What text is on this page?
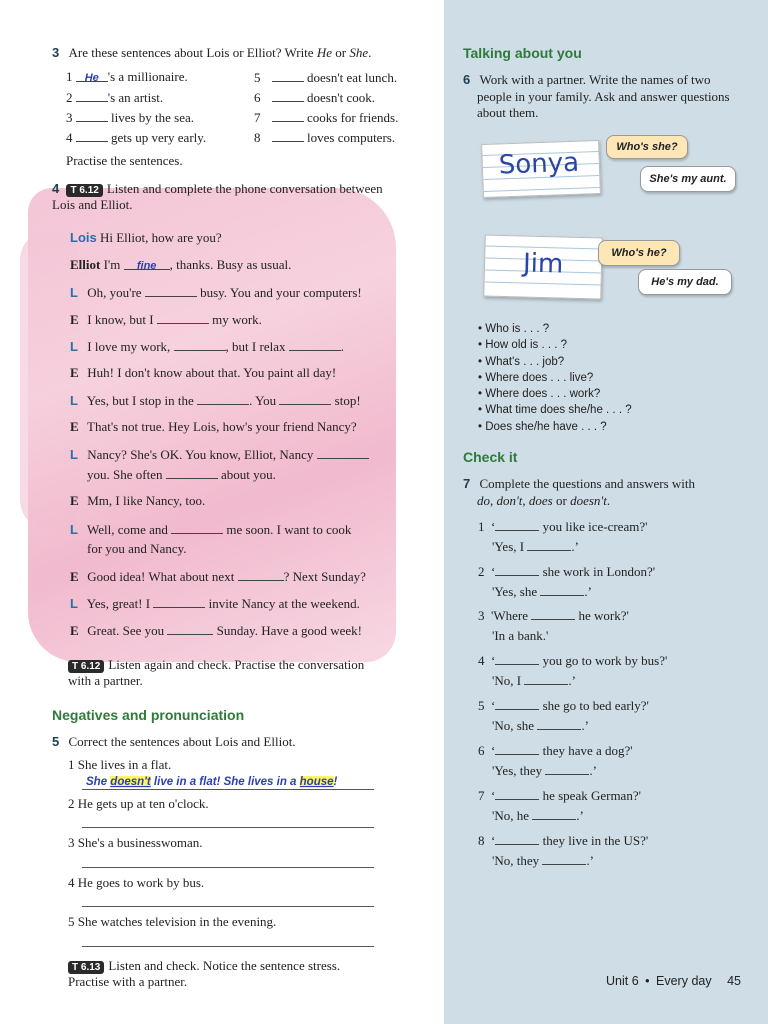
3 Are these sentences about Lois or Elliot? Write He or She.
1 He 's a millionaire.
2	's an artist.
3	lives by the sea.
4	gets up very early.
5	doesn't eat lunch.
6	doesn't cook.
7	cooks for friends.
8	loves computers.
Practise the sentences.
4 T 6.12 Listen and complete the phone conversation between
Lois and Elliot.
Lois Hi Elliot, how are you?
Elliot I'm fine , thanks. Busy as usual.
L Oh, you're	busy. You and your computers!
E I know, but I	my work.
L I love my work,	, but I relax	.
E Huh! I don't know about that. You paint all day!
L Yes, but I stop in the	. You	stop!
E That's not true. Hey Lois, how's your friend Nancy?
L Nancy? She's OK. You know, Elliot, Nancy
you. She often	about you.
E Mm, I like Nancy, too.
L Well, come and	me soon. I want to cook
for you and Nancy.
E Good idea! What about next	? Next Sunday?
L Yes, great! I	invite Nancy at the weekend.
E Great. See you	Sunday. Have a good week!
T 6.12 Listen again and check. Practise the conversation
with a partner.
Negatives and pronunciation
5 Correct the sentences about Lois and Elliot.
1 She lives in a flat.
She doesn't live in a flat! She lives in a house!
2 He gets up at ten o'clock.
3 She's a businesswoman.
4 He goes to work by bus.
5 She watches television in the evening.
T 6.13 Listen and check. Notice the sentence stress.
Practise with a partner.
Talking about you
6 Work with a partner. Write the names of two
people in your family. Ask and answer questions
about them.
Sonya
Who's she?
She's my aunt.
Jim	Who's he?
He's my dad.
• Who is . . . ?
• How old is . . . ?
• What's . . . job?
• Where does . . . live?
• Where does . . . work?
• What time does she/he . . . ?
• Does she/he have . . . ?
Check it
7 Complete the questions and answers with
do, don't, does or doesn't.
1  ‘	you like ice-cream?'
'Yes, I	.’
2  ‘	she work in London?'
'Yes, she	.’
3 'Where	he work?'
'In a bank.'
4  ‘	you go to work by bus?'
'No, I	.’
5  ‘	she go to bed early?'
'No, she	.’
6  ‘	they have a dog?'
'Yes, they	.’
7  ‘	he speak German?'
'No, he	.’
8  ‘	they live in the US?'
'No, they	.’
Unit 6 • Every day 45
